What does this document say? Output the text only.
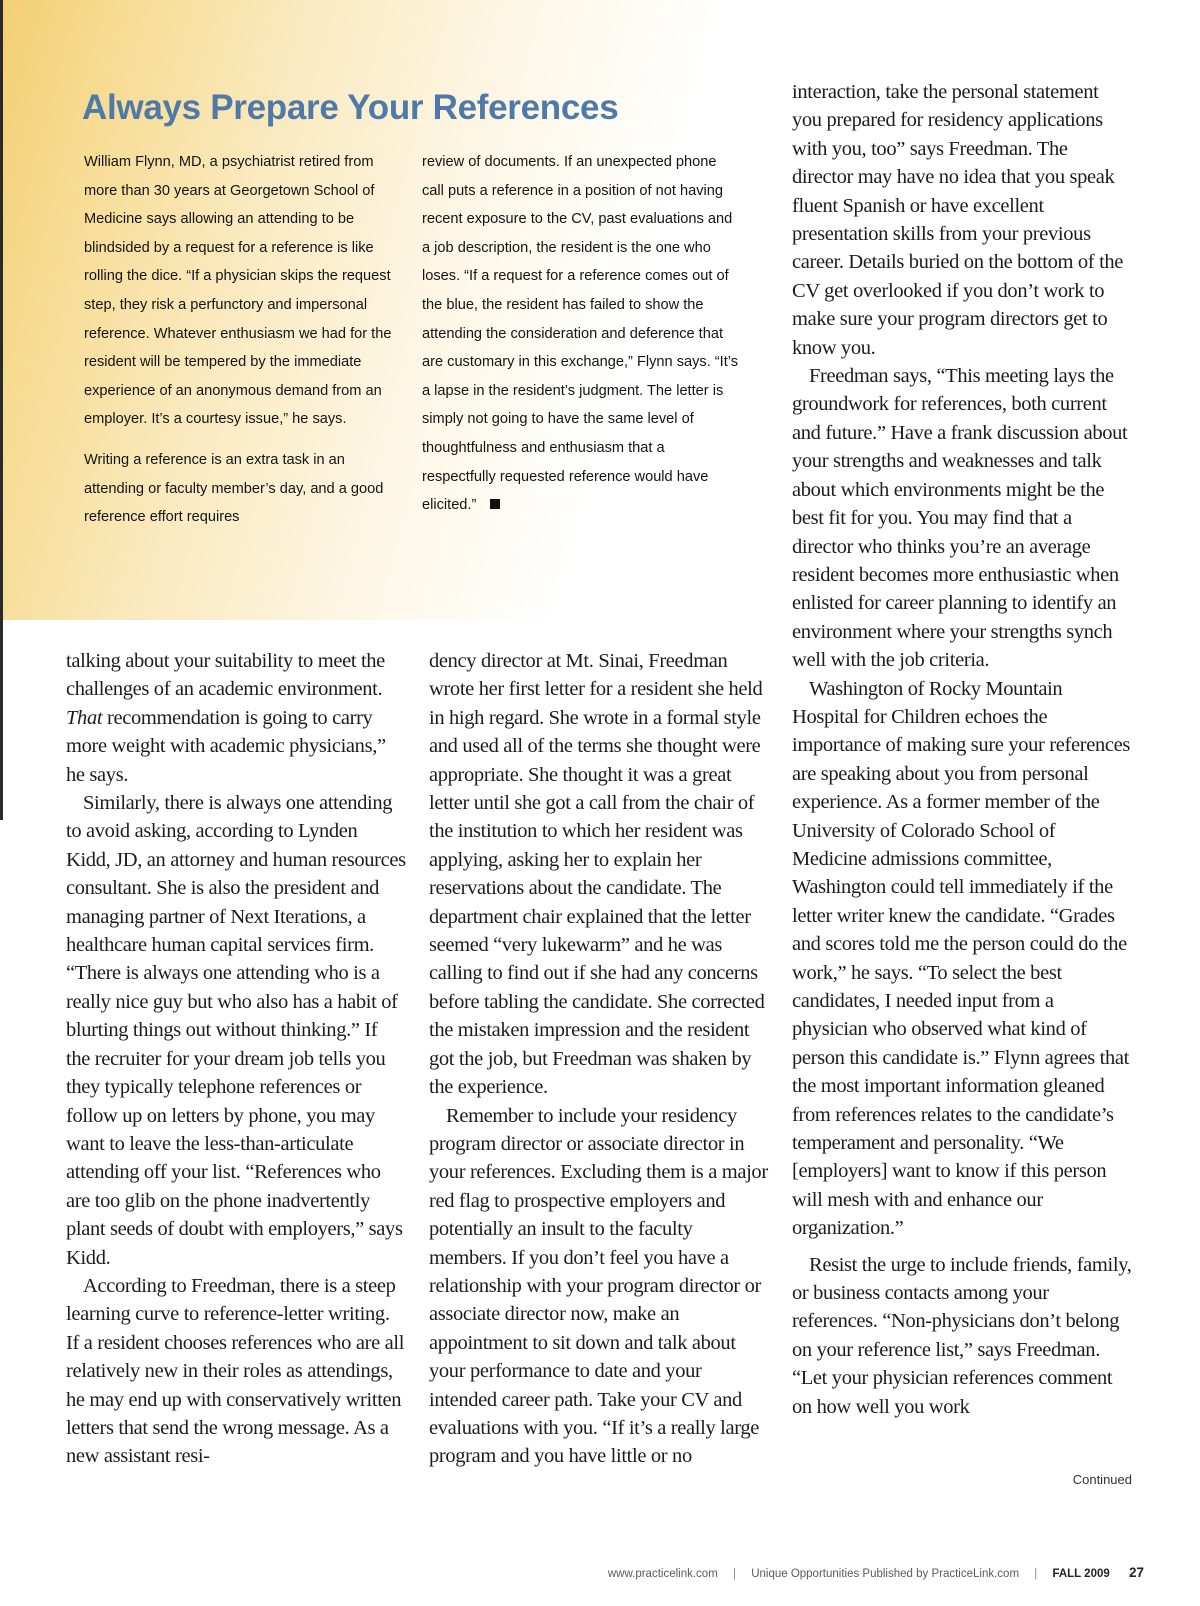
Always Prepare Your References

William Flynn, MD, a psychiatrist retired from more than 30 years at Georgetown School of Medicine says allowing an attending to be blindsided by a request for a reference is like rolling the dice. “If a physician skips the request step, they risk a perfunctory and impersonal reference. Whatever enthusiasm we had for the resident will be tempered by the immediate experience of an anonymous demand from an employer. It’s a courtesy issue,” he says.

Writing a reference is an extra task in an attending or faculty member’s day, and a good reference effort requires

review of documents. If an unexpected phone call puts a reference in a position of not having recent exposure to the CV, past evaluations and a job description, the resident is the one who loses. “If a request for a reference comes out of the blue, the resident has failed to show the attending the consideration and deference that are customary in this exchange,” Flynn says. “It’s a lapse in the resident’s judgment. The letter is simply not going to have the same level of thoughtfulness and enthusiasm that a respectfully requested reference would have elicited.”

talking about your suitability to meet the challenges of an academic environment. That recommendation is going to carry more weight with academic physicians,” he says.

Similarly, there is always one attending to avoid asking, according to Lynden Kidd, JD, an attorney and human resources consultant. She is also the president and managing partner of Next Iterations, a healthcare human capital services firm. “There is always one attending who is a really nice guy but who also has a habit of blurting things out without thinking.” If the recruiter for your dream job tells you they typically telephone references or follow up on letters by phone, you may want to leave the less-than-articulate attending off your list. “References who are too glib on the phone inadvertently plant seeds of doubt with employers,” says Kidd.

According to Freedman, there is a steep learning curve to reference-letter writing. If a resident chooses references who are all relatively new in their roles as attendings, he may end up with conservatively written letters that send the wrong message. As a new assistant resi-

dency director at Mt. Sinai, Freedman wrote her first letter for a resident she held in high regard. She wrote in a formal style and used all of the terms she thought were appropriate. She thought it was a great letter until she got a call from the chair of the institution to which her resident was applying, asking her to explain her reservations about the candidate. The department chair explained that the letter seemed “very lukewarm” and he was calling to find out if she had any concerns before tabling the candidate. She corrected the mistaken impression and the resident got the job, but Freedman was shaken by the experience.

Remember to include your residency program director or associate director in your references. Excluding them is a major red flag to prospective employers and potentially an insult to the faculty members. If you don’t feel you have a relationship with your program director or associate director now, make an appointment to sit down and talk about your performance to date and your intended career path. Take your CV and evaluations with you. “If it’s a really large program and you have little or no

interaction, take the personal statement you prepared for residency applications with you, too” says Freedman. The director may have no idea that you speak fluent Spanish or have excellent presentation skills from your previous career. Details buried on the bottom of the CV get overlooked if you don’t work to make sure your program directors get to know you.

Freedman says, “This meeting lays the groundwork for references, both current and future.” Have a frank discussion about your strengths and weaknesses and talk about which environments might be the best fit for you. You may find that a director who thinks you’re an average resident becomes more enthusiastic when enlisted for career planning to identify an environment where your strengths synch well with the job criteria.

Washington of Rocky Mountain Hospital for Children echoes the importance of making sure your references are speaking about you from personal experience. As a former member of the University of Colorado School of Medicine admissions committee, Washington could tell immediately if the letter writer knew the candidate. “Grades and scores told me the person could do the work,” he says. “To select the best candidates, I needed input from a physician who observed what kind of person this candidate is.” Flynn agrees that the most important information gleaned from references relates to the candidate’s temperament and personality. “We [employers] want to know if this person will mesh with and enhance our organization.”

Resist the urge to include friends, family, or business contacts among your references. “Non-physicians don’t belong on your reference list,” says Freedman. “Let your physician references comment on how well you work

Continued
www.practicelink.com | Unique Opportunities Published by PracticeLink.com | FALL 2009 27
